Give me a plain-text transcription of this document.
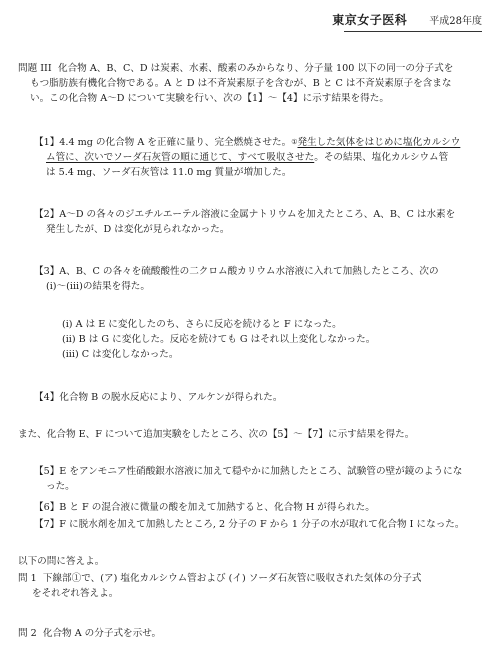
東京女子医科 平成28年度
問題 III 化合物 A、B、C、D は炭素、水素、酸素のみからなり、分子量 100 以下の同一の分子式を
もつ脂肪族有機化合物である。A と D は不斉炭素原子を含むが、B と C は不斉炭素原子を含まな
い。この化合物 A〜D について実験を行い、次の【1】〜【4】に示す結果を得た。
【1】4.4 mg の化合物 A を正確に量り、完全燃焼させた。①発生した気体をはじめに塩化カルシウ
ム管に、次いでソーダ石灰管の順に通じて、すべて吸収させた。その結果、塩化カルシウム管
は 5.4 mg、ソーダ石灰管は 11.0 mg 質量が増加した。
【2】A〜D の各々のジエチルエーテル溶液に金属ナトリウムを加えたところ、A、B、C は水素を
発生したが、D は変化が見られなかった。
【3】A、B、C の各々を硫酸酸性の二クロム酸カリウム水溶液に入れて加熱したところ、次の
(i)〜(iii)の結果を得た。
(i) A は E に変化したのち、さらに反応を続けると F になった。
(ii) B は G に変化した。反応を続けても G はそれ以上変化しなかった。
(iii) C は変化しなかった。
【4】化合物 B の脱水反応により、アルケンが得られた。
また、化合物 E、F について追加実験をしたところ、次の【5】〜【7】に示す結果を得た。
【5】E をアンモニア性硝酸銀水溶液に加えて穏やかに加熱したところ、試験管の壁が鏡のようにな
った。
【6】B と F の混合液に微量の酸を加えて加熱すると、化合物 H が得られた。
【7】F に脱水剤を加えて加熱したところ, 2 分子の F から 1 分子の水が取れて化合物 I になった。
以下の問に答えよ。
問 1 下線部①で、(ア) 塩化カルシウム管および (イ) ソーダ石灰管に吸収された気体の分子式
をそれぞれ答えよ。
問 2 化合物 A の分子式を示せ。
